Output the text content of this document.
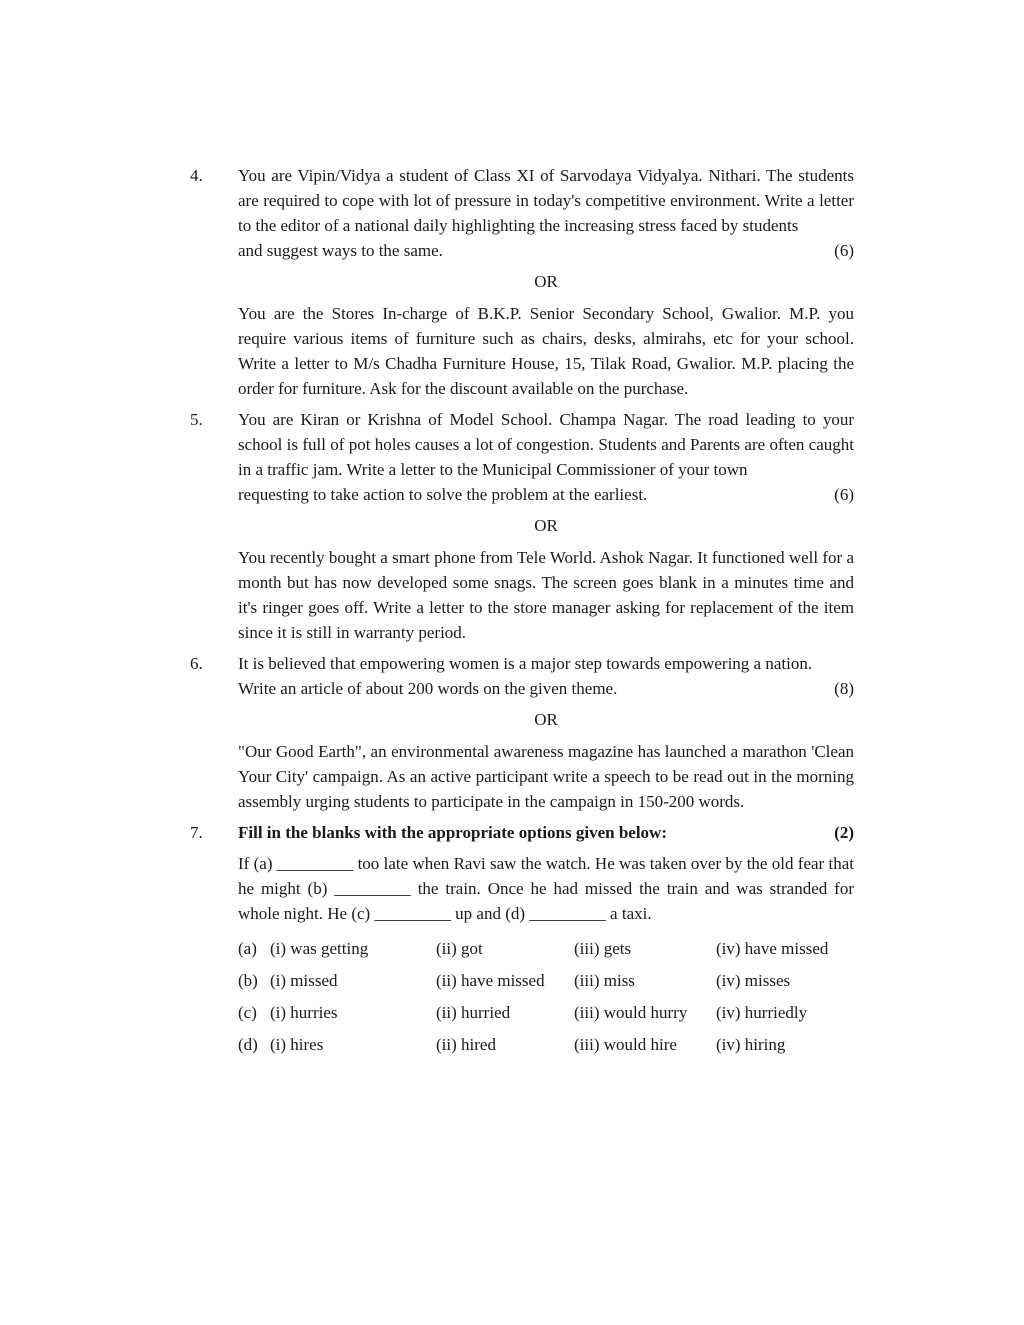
4.	You are Vipin/Vidya a student of Class XI of Sarvodaya Vidyalya. Nithari. The students are required to cope with lot of pressure in today's competitive environment. Write a letter to the editor of a national daily highlighting the increasing stress faced by students

and suggest ways to the same.	(6)
OR

You are the Stores In-charge of B.K.P. Senior Secondary School, Gwalior. M.P. you require various items of furniture such as chairs, desks, almirahs, etc for your school. Write a letter to M/s Chadha Furniture House, 15, Tilak Road, Gwalior. M.P. placing the order for furniture. Ask for the discount available on the purchase.

5.	You are Kiran or Krishna of Model School. Champa Nagar. The road leading to your school is full of pot holes causes a lot of congestion. Students and Parents are often caught in a traffic jam. Write a letter to the Municipal Commissioner of your town

requesting to take action to solve the problem at the earliest.	(6)
OR

You recently bought a smart phone from Tele World. Ashok Nagar. It functioned well for a month but has now developed some snags. The screen goes blank in a minutes time and it's ringer goes off. Write a letter to the store manager asking for replacement of the item since it is still in warranty period.

6.	It is believed that empowering women is a major step towards empowering a nation.

Write an article of about 200 words on the given theme.	(8)
OR

"Our Good Earth", an environmental awareness magazine has launched a marathon 'Clean Your City' campaign. As an active participant write a speech to be read out in the morning assembly urging students to participate in the campaign in 150-200 words.

7.	Fill in the blanks with the appropriate options given below:	(2)

If (a) _________ too late when Ravi saw the watch. He was taken over by the old fear that he might (b) _________ the train. Once he had missed the train and was stranded for whole night. He (c) _________ up and (d) _________ a taxi.

(a) (i) was getting	(ii) got	(iii) gets	(iv) have missed
(b) (i) missed	(ii) have missed	(iii) miss	(iv) misses
(c) (i) hurries	(ii) hurried	(iii) would hurry	(iv) hurriedly
(d) (i) hires	(ii) hired	(iii) would hire	(iv) hiring
